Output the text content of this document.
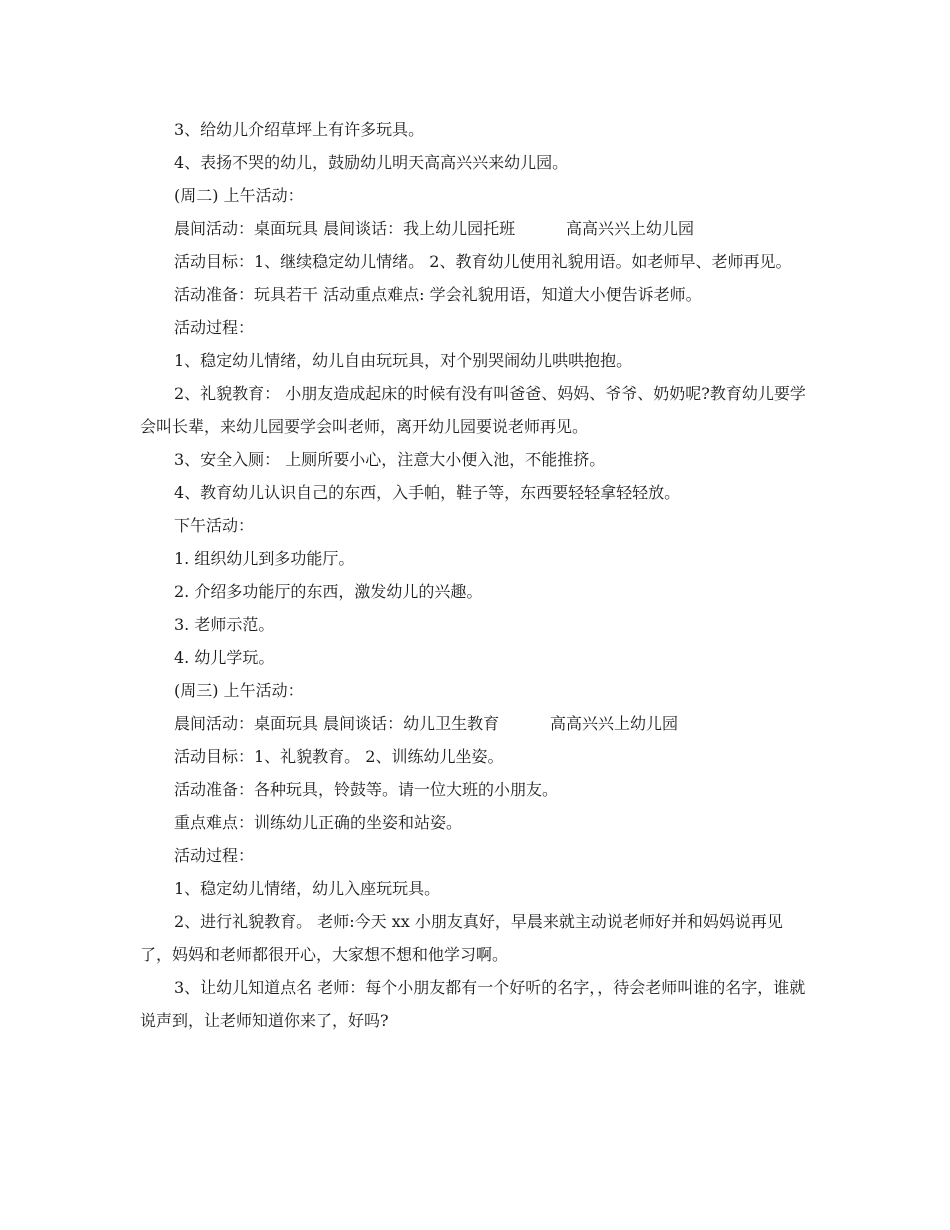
3、给幼儿介绍草坪上有许多玩具。

4、表扬不哭的幼儿，鼓励幼儿明天高高兴兴来幼儿园。

(周二) 上午活动：

晨间活动：桌面玩具 晨间谈话：我上幼儿园托班          高高兴兴上幼儿园

活动目标：1、继续稳定幼儿情绪。 2、教育幼儿使用礼貌用语。如老师早、老师再见。

活动准备：玩具若干 活动重点难点: 学会礼貌用语，知道大小便告诉老师。

活动过程：

1、稳定幼儿情绪，幼儿自由玩玩具，对个别哭闹幼儿哄哄抱抱。

2、礼貌教育： 小朋友造成起床的时候有没有叫爸爸、妈妈、爷爷、奶奶呢?教育幼儿要学会叫长辈，来幼儿园要学会叫老师，离开幼儿园要说老师再见。

3、安全入厕： 上厕所要小心，注意大小便入池，不能推挤。

4、教育幼儿认识自己的东西，入手帕，鞋子等，东西要轻轻拿轻轻放。

下午活动：

1. 组织幼儿到多功能厅。

2. 介绍多功能厅的东西，激发幼儿的兴趣。

3. 老师示范。

4. 幼儿学玩。

(周三) 上午活动：

晨间活动：桌面玩具 晨间谈话：幼儿卫生教育          高高兴兴上幼儿园

活动目标：1、礼貌教育。 2、训练幼儿坐姿。

活动准备：各种玩具，铃鼓等。请一位大班的小朋友。

重点难点：训练幼儿正确的坐姿和站姿。

活动过程：

1、稳定幼儿情绪，幼儿入座玩玩具。

2、进行礼貌教育。 老师:今天 xx 小朋友真好，早晨来就主动说老师好并和妈妈说再见了，妈妈和老师都很开心，大家想不想和他学习啊。

3、让幼儿知道点名 老师：每个小朋友都有一个好听的名字，，待会老师叫谁的名字，谁就说声到，让老师知道你来了，好吗?
